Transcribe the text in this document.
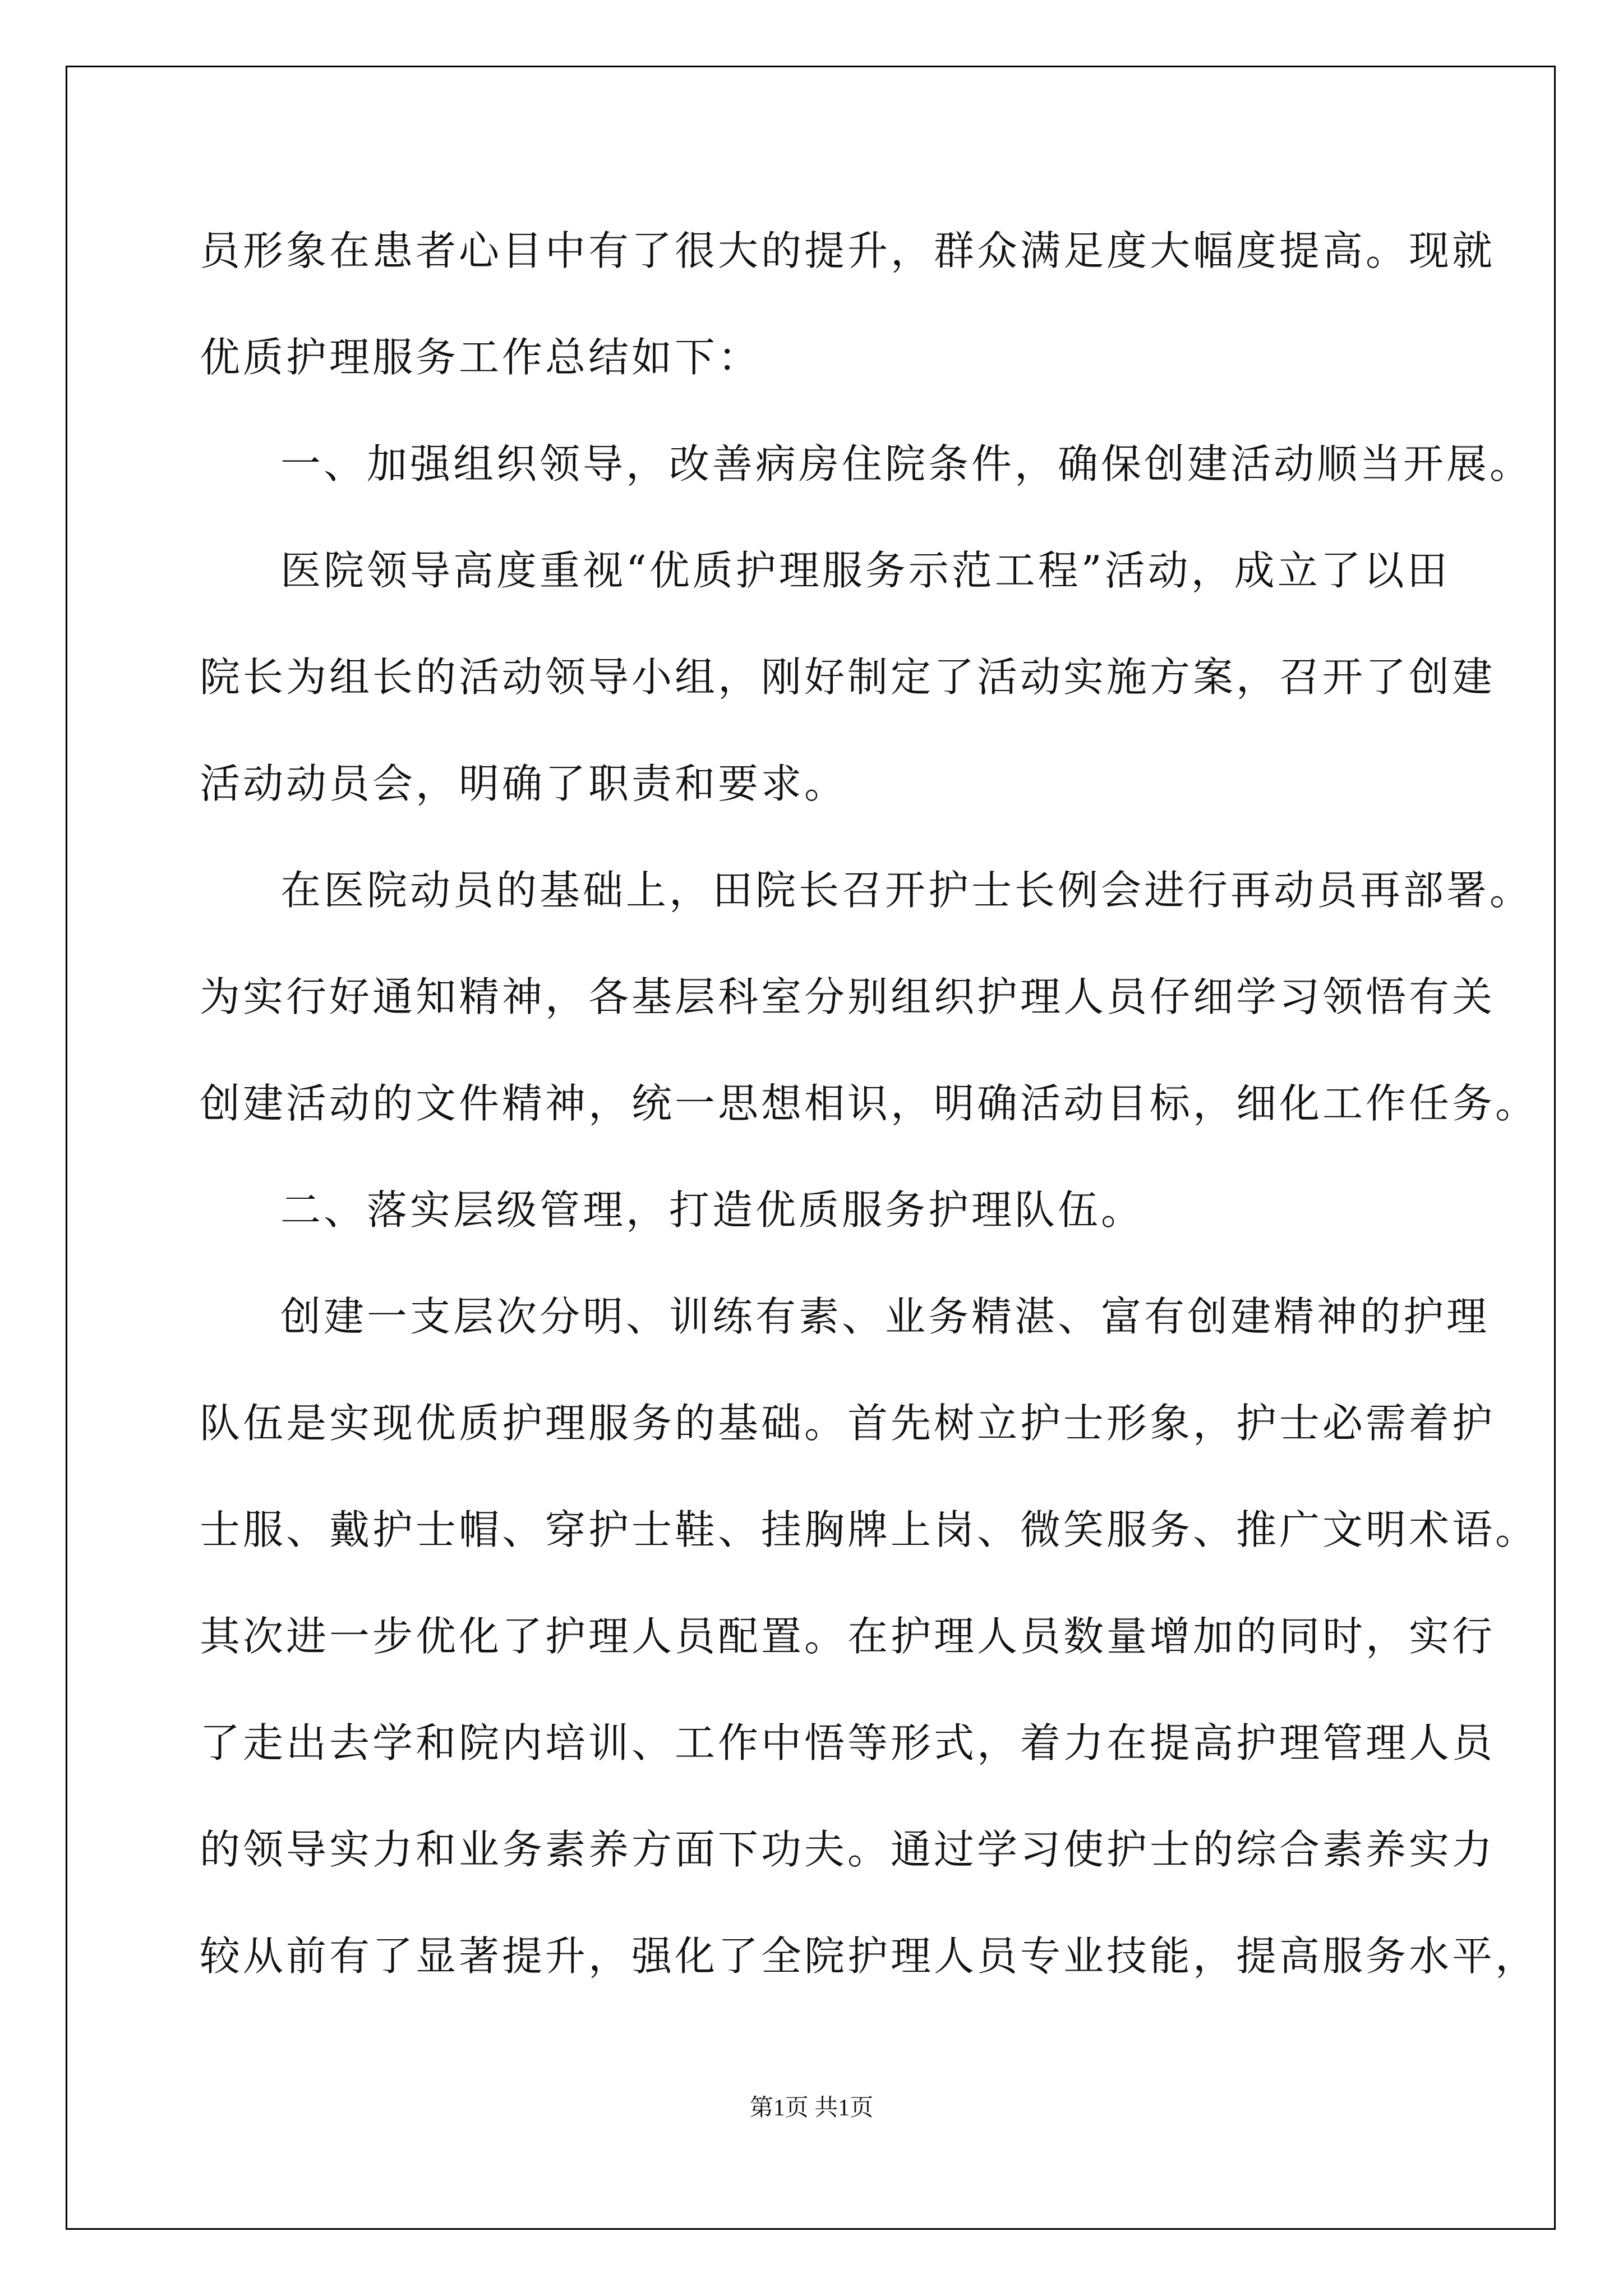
员形象在患者心目中有了很大的提升，群众满足度大幅度提高。现就
优质护理服务工作总结如下：
一、加强组织领导，改善病房住院条件，确保创建活动顺当开展。
医院领导高度重视“优质护理服务示范工程”活动，成立了以田
院长为组长的活动领导小组，刚好制定了活动实施方案，召开了创建
活动动员会，明确了职责和要求。
在医院动员的基础上，田院长召开护士长例会进行再动员再部署。
为实行好通知精神，各基层科室分别组织护理人员仔细学习领悟有关
创建活动的文件精神，统一思想相识，明确活动目标，细化工作任务。
二、落实层级管理，打造优质服务护理队伍。
创建一支层次分明、训练有素、业务精湛、富有创建精神的护理
队伍是实现优质护理服务的基础。首先树立护士形象，护士必需着护
士服、戴护士帽、穿护士鞋、挂胸牌上岗、微笑服务、推广文明术语。
其次进一步优化了护理人员配置。在护理人员数量增加的同时，实行
了走出去学和院内培训、工作中悟等形式，着力在提高护理管理人员
的领导实力和业务素养方面下功夫。通过学习使护士的综合素养实力
较从前有了显著提升，强化了全院护理人员专业技能，提高服务水平，
第1页 共1页
